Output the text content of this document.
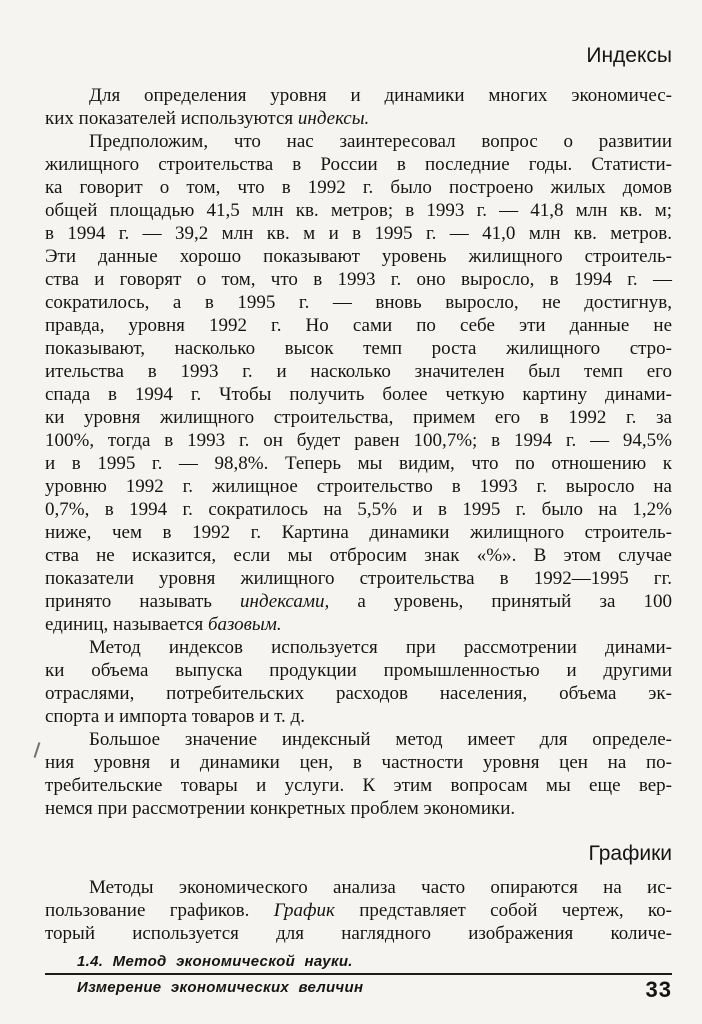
Индексы

Для определения уровня и динамики многих экономичес-
ких показателей используются индексы.

Предположим, что нас заинтересовал вопрос о развитии
жилищного строительства в России в последние годы. Статисти-
ка говорит о том, что в 1992 г. было построено жилых домов
общей площадью 41,5 млн кв. метров; в 1993 г. — 41,8 млн кв. м;
в 1994 г. — 39,2 млн кв. м и в 1995 г. — 41,0 млн кв. метров.
Эти данные хорошо показывают уровень жилищного строитель-
ства и говорят о том, что в 1993 г. оно выросло, в 1994 г. —
сократилось, а в 1995 г. — вновь выросло, не достигнув,
правда, уровня 1992 г. Но сами по себе эти данные не
показывают, насколько высок темп роста жилищного стро-
ительства в 1993 г. и насколько значителен был темп его
спада в 1994 г. Чтобы получить более четкую картину динами-
ки уровня жилищного строительства, примем его в 1992 г. за
100%, тогда в 1993 г. он будет равен 100,7%; в 1994 г. — 94,5%
и в 1995 г. — 98,8%. Теперь мы видим, что по отношению к
уровню 1992 г. жилищное строительство в 1993 г. выросло на
0,7%, в 1994 г. сократилось на 5,5% и в 1995 г. было на 1,2%
ниже, чем в 1992 г. Картина динамики жилищного строитель-
ства не исказится, если мы отбросим знак «%». В этом случае
показатели уровня жилищного строительства в 1992—1995 гг.
принято называть индексами, а уровень, принятый за 100
единиц, называется базовым.

Метод индексов используется при рассмотрении динами-
ки объема выпуска продукции промышленностью и другими
отраслями, потребительских расходов населения, объема эк-
спорта и импорта товаров и т. д.

Большое значение индексный метод имеет для определе-
ния уровня и динамики цен, в частности уровня цен на по-
требительские товары и услуги. К этим вопросам мы еще вер-
немся при рассмотрении конкретных проблем экономики.

Графики

Методы экономического анализа часто опираются на ис-
пользование графиков. График представляет собой чертеж, ко-
торый используется для наглядного изображения количе-

1.4. Метод экономической науки.
Измерение экономических величин	33
